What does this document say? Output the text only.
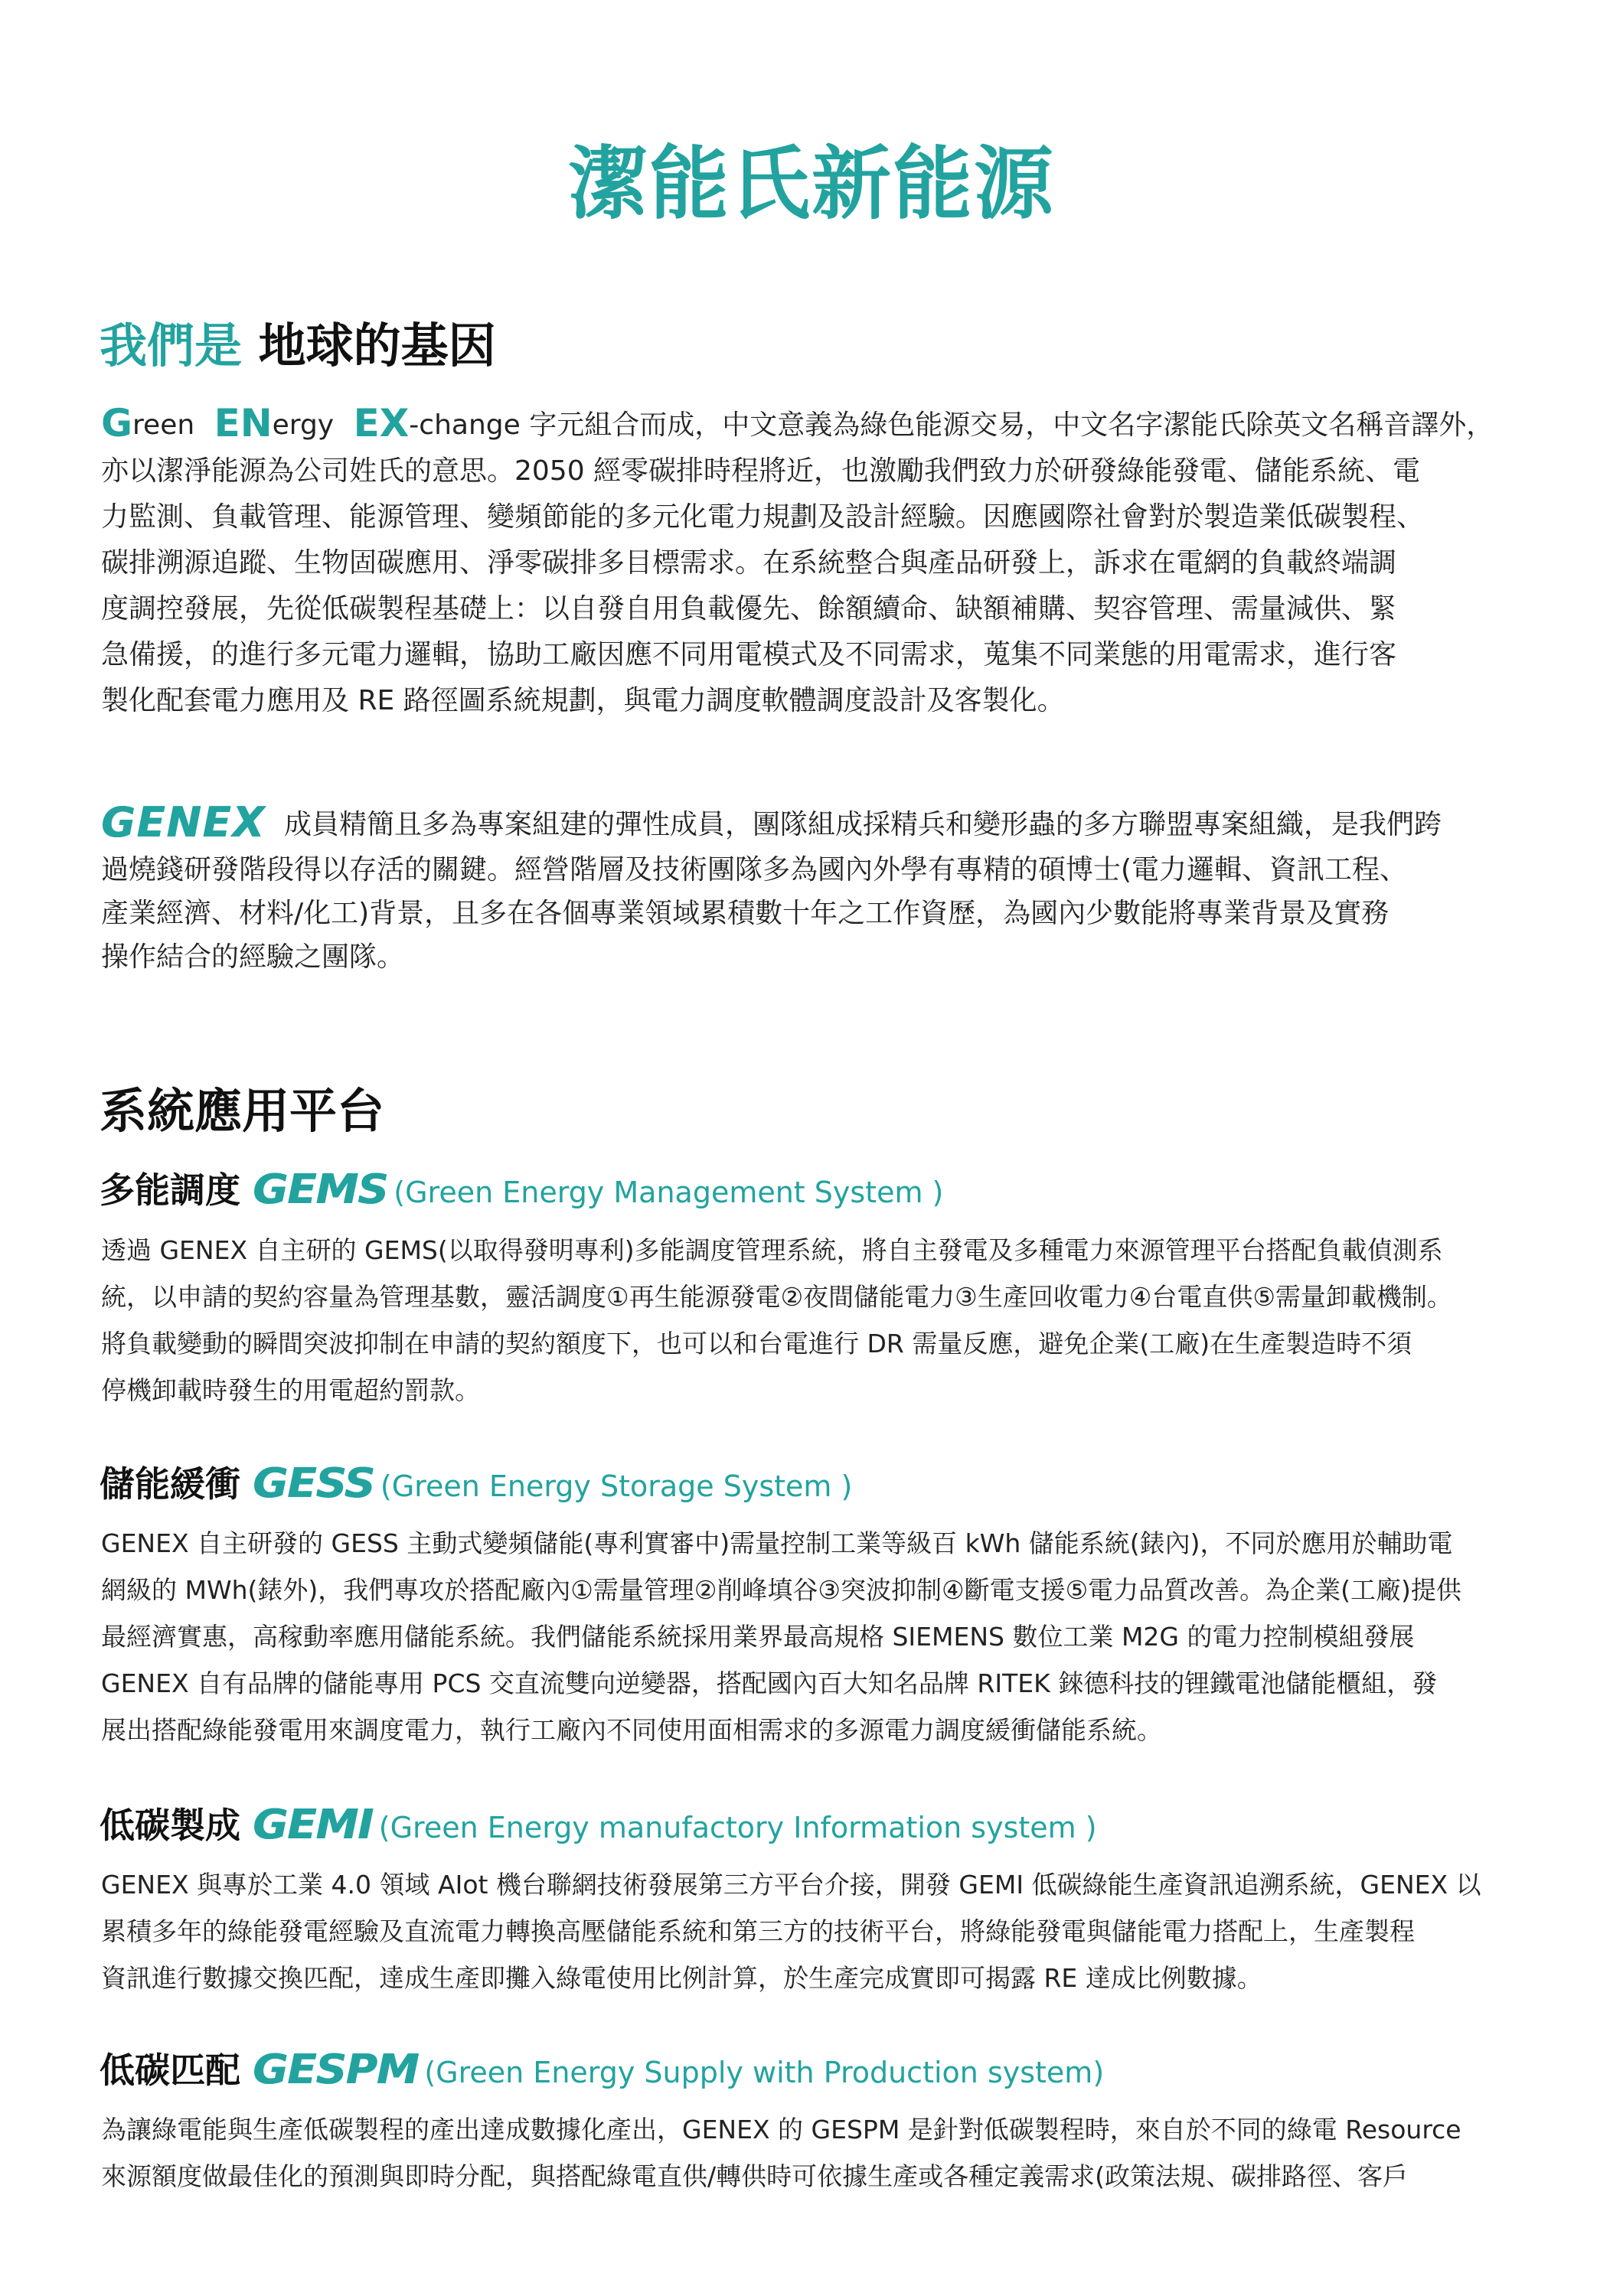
潔能氏新能源
我們是 地球的基因
Green ENergy EX-change 字元組合而成，中文意義為綠色能源交易，中文名字潔能氏除英文名稱音譯外，
亦以潔淨能源為公司姓氏的意思。2050 經零碳排時程將近，也激勵我們致力於研發綠能發電、儲能系統、電
力監測、負載管理、能源管理、變頻節能的多元化電力規劃及設計經驗。因應國際社會對於製造業低碳製程、
碳排溯源追蹤、生物固碳應用、淨零碳排多目標需求。在系統整合與產品研發上，訴求在電網的負載終端調
度調控發展，先從低碳製程基礎上：以自發自用負載優先、餘額續命、缺額補購、契容管理、需量減供、緊
急備援，的進行多元電力邏輯，協助工廠因應不同用電模式及不同需求，蒐集不同業態的用電需求，進行客
製化配套電力應用及 RE 路徑圖系統規劃，與電力調度軟體調度設計及客製化。
GENEX 成員精簡且多為專案組建的彈性成員，團隊組成採精兵和變形蟲的多方聯盟專案組織，是我們跨
過燒錢研發階段得以存活的關鍵。經營階層及技術團隊多為國內外學有專精的碩博士(電力邏輯、資訊工程、
產業經濟、材料/化工)背景，且多在各個專業領域累積數十年之工作資歷，為國內少數能將專業背景及實務
操作結合的經驗之團隊。
系統應用平台
多能調度 GEMS (Green Energy Management System )
透過 GENEX 自主研的 GEMS(以取得發明專利)多能調度管理系統，將自主發電及多種電力來源管理平台搭配負載偵測系
統，以申請的契約容量為管理基數，靈活調度①再生能源發電②夜間儲能電力③生產回收電力④台電直供⑤需量卸載機制。
將負載變動的瞬間突波抑制在申請的契約額度下，也可以和台電進行 DR 需量反應，避免企業(工廠)在生產製造時不須
停機卸載時發生的用電超約罰款。
儲能緩衝 GESS (Green Energy Storage System )
GENEX 自主研發的 GESS 主動式變頻儲能(專利實審中)需量控制工業等級百 kWh 儲能系統(錶內)，不同於應用於輔助電
網級的 MWh(錶外)，我們專攻於搭配廠內①需量管理②削峰填谷③突波抑制④斷電支援⑤電力品質改善。為企業(工廠)提供
最經濟實惠，高稼動率應用儲能系統。我們儲能系統採用業界最高規格 SIEMENS 數位工業 M2G 的電力控制模組發展
GENEX 自有品牌的儲能專用 PCS 交直流雙向逆變器，搭配國內百大知名品牌 RITEK 錸德科技的锂鐵電池儲能櫃組，發
展出搭配綠能發電用來調度電力，執行工廠內不同使用面相需求的多源電力調度緩衝儲能系統。
低碳製成 GEMI (Green Energy manufactory Information system )
GENEX 與專於工業 4.0 領域 AIot 機台聯網技術發展第三方平台介接，開發 GEMI 低碳綠能生產資訊追溯系統，GENEX 以
累積多年的綠能發電經驗及直流電力轉換高壓儲能系統和第三方的技術平台，將綠能發電與儲能電力搭配上，生產製程
資訊進行數據交換匹配，達成生產即攤入綠電使用比例計算，於生產完成實即可揭露 RE 達成比例數據。
低碳匹配 GESPM (Green Energy Supply with Production system)
為讓綠電能與生產低碳製程的產出達成數據化產出，GENEX 的 GESPM 是針對低碳製程時，來自於不同的綠電 Resource
來源額度做最佳化的預測與即時分配，與搭配綠電直供/轉供時可依據生產或各種定義需求(政策法規、碳排路徑、客戶
